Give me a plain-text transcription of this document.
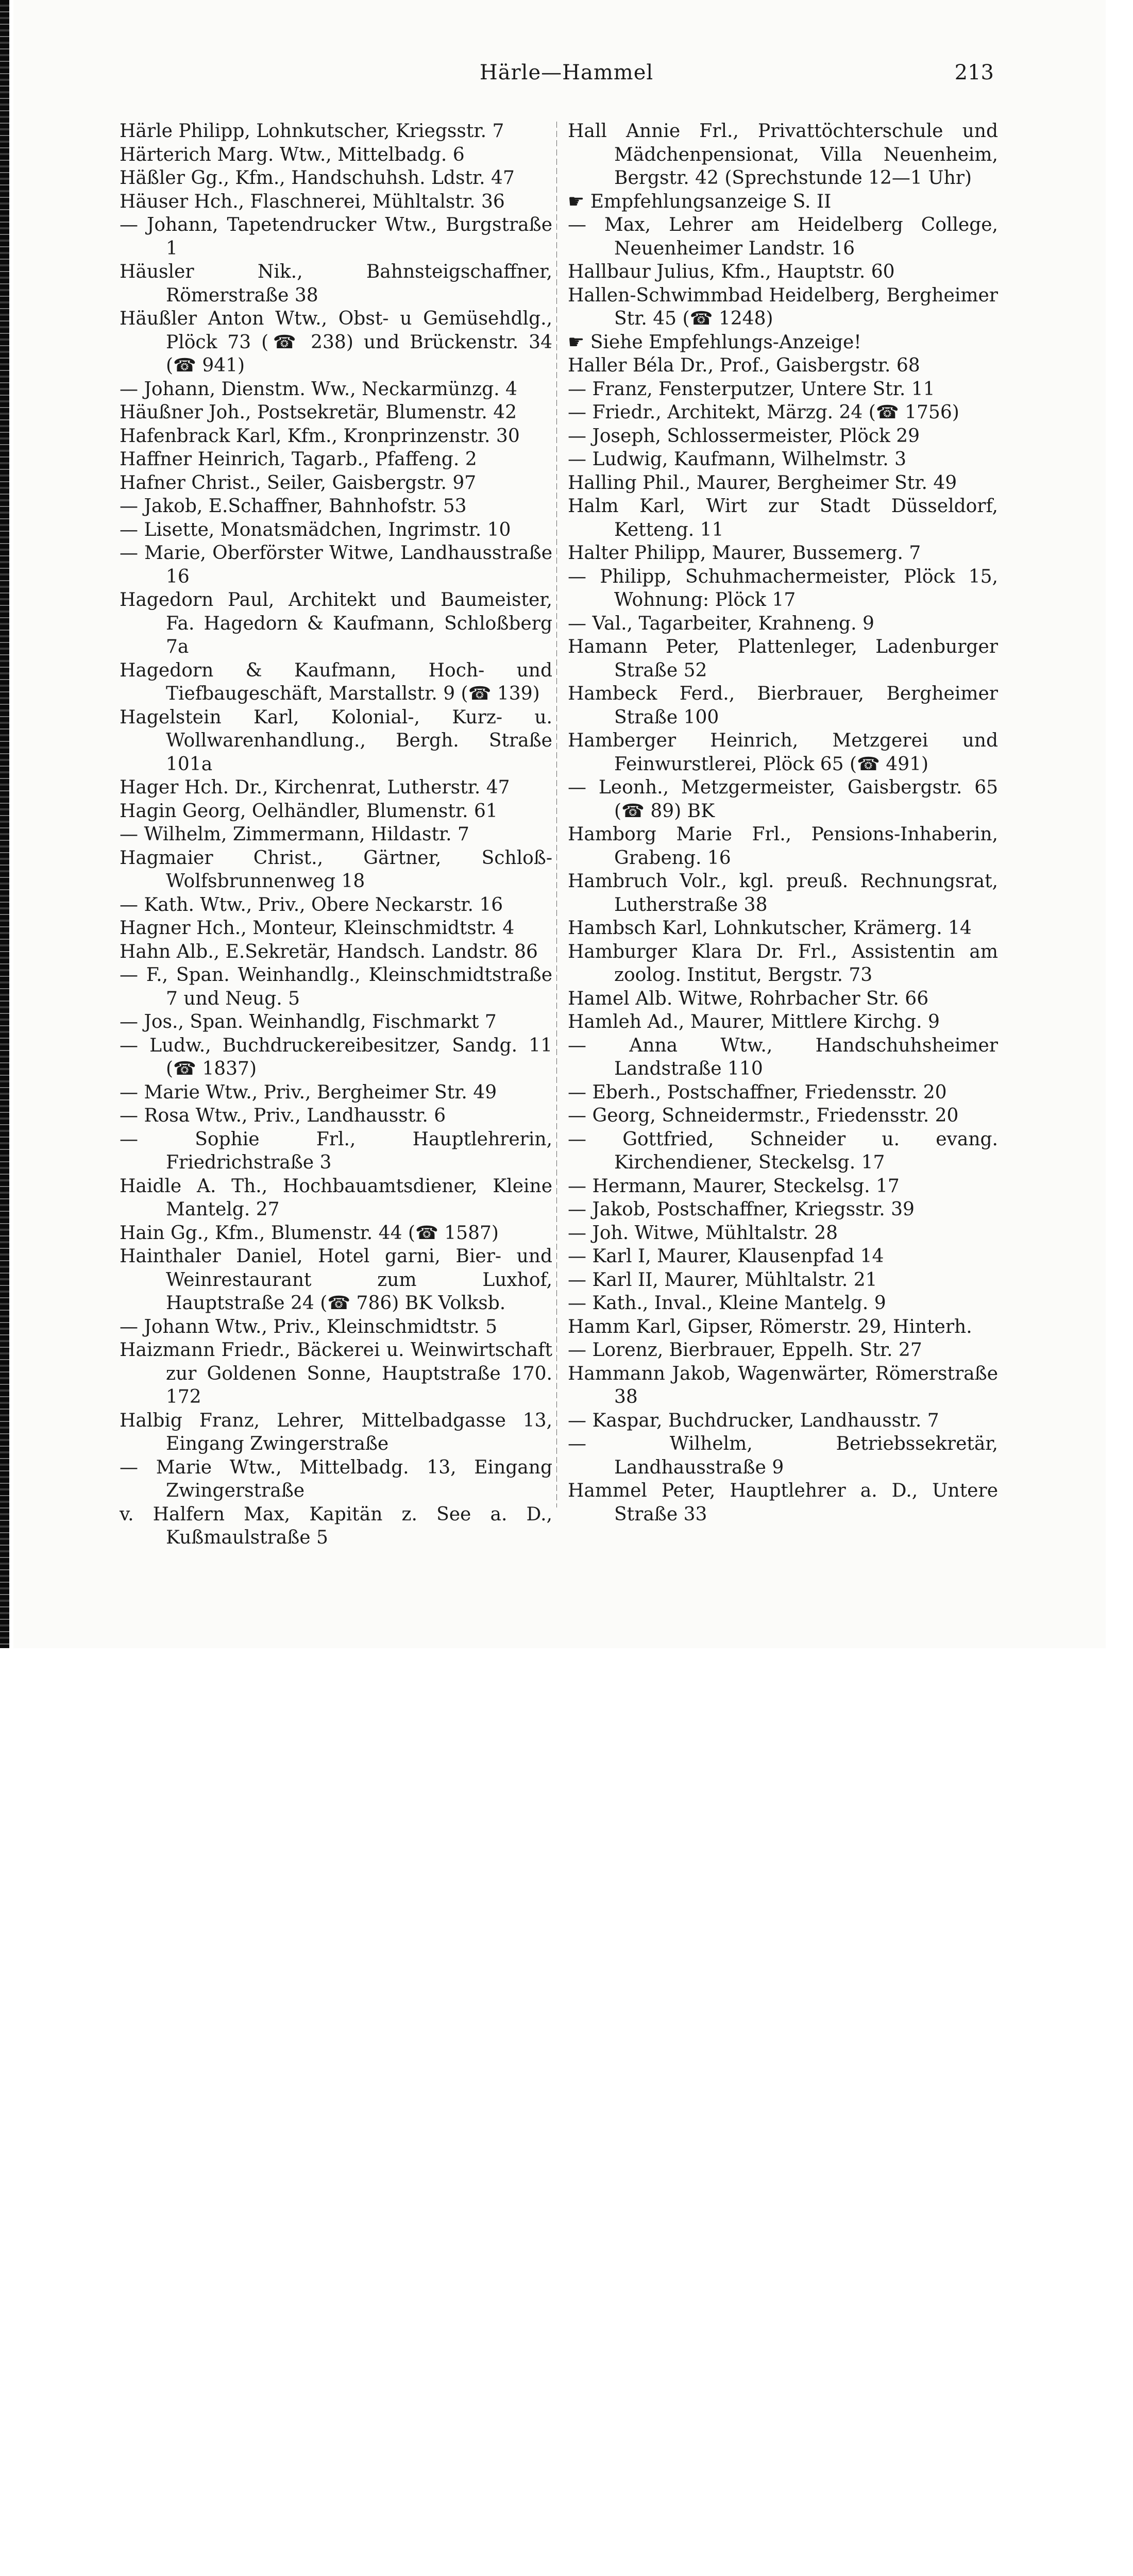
Härle—Hammel	213
Härle Philipp, Lohnkutscher, Kriegsstr. 7
Härterich Marg. Wtw., Mittelbadg. 6
Häßler Gg., Kfm., Handschuhsh. Ldstr. 47
Häuser Hch., Flaschnerei, Mühltalstr. 36
— Johann, Tapetendrucker Wtw., Burgstraße 1
Häusler Nik., Bahnsteigschaffner, Römerstraße 38
Häußler Anton Wtw., Obst- u Gemüsehdlg., Plöck 73 (☎ 238) und Brückenstr. 34 (☎ 941)
— Johann, Dienstm. Ww., Neckarmünzg. 4
Häußner Joh., Postsekretär, Blumenstr. 42
Hafenbrack Karl, Kfm., Kronprinzenstr. 30
Haffner Heinrich, Tagarb., Pfaffeng. 2
Hafner Christ., Seiler, Gaisbergstr. 97
— Jakob, E.Schaffner, Bahnhofstr. 53
— Lisette, Monatsmädchen, Ingrimstr. 10
— Marie, Oberförster Witwe, Landhausstraße 16
Hagedorn Paul, Architekt und Baumeister, Fa. Hagedorn & Kaufmann, Schloßberg 7a
Hagedorn & Kaufmann, Hoch- und Tiefbaugeschäft, Marstallstr. 9 (☎ 139)
Hagelstein Karl, Kolonial-, Kurz- u. Wollwarenhandlung., Bergh. Straße 101a
Hager Hch. Dr., Kirchenrat, Lutherstr. 47
Hagin Georg, Oelhändler, Blumenstr. 61
— Wilhelm, Zimmermann, Hildastr. 7
Hagmaier Christ., Gärtner, Schloß-Wolfsbrunnenweg 18
— Kath. Wtw., Priv., Obere Neckarstr. 16
Hagner Hch., Monteur, Kleinschmidtstr. 4
Hahn Alb., E.Sekretär, Handsch. Landstr. 86
— F., Span. Weinhandlg., Kleinschmidtstraße 7 und Neug. 5
— Jos., Span. Weinhandlg, Fischmarkt 7
— Ludw., Buchdruckereibesitzer, Sandg. 11 (☎ 1837)
— Marie Wtw., Priv., Bergheimer Str. 49
— Rosa Wtw., Priv., Landhausstr. 6
— Sophie Frl., Hauptlehrerin, Friedrichstraße 3
Haidle A. Th., Hochbauamtsdiener, Kleine Mantelg. 27
Hain Gg., Kfm., Blumenstr. 44 (☎ 1587)
Hainthaler Daniel, Hotel garni, Bier- und Weinrestaurant zum Luxhof, Hauptstraße 24 (☎ 786) BK Volksb.
— Johann Wtw., Priv., Kleinschmidtstr. 5
Haizmann Friedr., Bäckerei u. Weinwirtschaft zur Goldenen Sonne, Hauptstraße 170. 172
Halbig Franz, Lehrer, Mittelbadgasse 13, Eingang Zwingerstraße
— Marie Wtw., Mittelbadg. 13, Eingang Zwingerstraße
v. Halfern Max, Kapitän z. See a. D., Kußmaulstraße 5
Hall Annie Frl., Privattöchterschule und Mädchenpensionat, Villa Neuenheim, Bergstr. 42 (Sprechstunde 12—1 Uhr)
☛ Empfehlungsanzeige S. II
— Max, Lehrer am Heidelberg College, Neuenheimer Landstr. 16
Hallbaur Julius, Kfm., Hauptstr. 60
Hallen-Schwimmbad Heidelberg, Bergheimer Str. 45 (☎ 1248)
☛ Siehe Empfehlungs-Anzeige!
Haller Béla Dr., Prof., Gaisbergstr. 68
— Franz, Fensterputzer, Untere Str. 11
— Friedr., Architekt, Märzg. 24 (☎ 1756)
— Joseph, Schlossermeister, Plöck 29
— Ludwig, Kaufmann, Wilhelmstr. 3
Halling Phil., Maurer, Bergheimer Str. 49
Halm Karl, Wirt zur Stadt Düsseldorf, Ketteng. 11
Halter Philipp, Maurer, Bussemerg. 7
— Philipp, Schuhmachermeister, Plöck 15, Wohnung: Plöck 17
— Val., Tagarbeiter, Krahneng. 9
Hamann Peter, Plattenleger, Ladenburger Straße 52
Hambeck Ferd., Bierbrauer, Bergheimer Straße 100
Hamberger Heinrich, Metzgerei und Feinwurstlerei, Plöck 65 (☎ 491)
— Leonh., Metzgermeister, Gaisbergstr. 65 (☎ 89) BK
Hamborg Marie Frl., Pensions-Inhaberin, Grabeng. 16
Hambruch Volr., kgl. preuß. Rechnungsrat, Lutherstraße 38
Hambsch Karl, Lohnkutscher, Krämerg. 14
Hamburger Klara Dr. Frl., Assistentin am zoolog. Institut, Bergstr. 73
Hamel Alb. Witwe, Rohrbacher Str. 66
Hamleh Ad., Maurer, Mittlere Kirchg. 9
— Anna Wtw., Handschuhsheimer Landstraße 110
— Eberh., Postschaffner, Friedensstr. 20
— Georg, Schneidermstr., Friedensstr. 20
— Gottfried, Schneider u. evang. Kirchendiener, Steckelsg. 17
— Hermann, Maurer, Steckelsg. 17
— Jakob, Postschaffner, Kriegsstr. 39
— Joh. Witwe, Mühltalstr. 28
— Karl I, Maurer, Klausenpfad 14
— Karl II, Maurer, Mühltalstr. 21
— Kath., Inval., Kleine Mantelg. 9
Hamm Karl, Gipser, Römerstr. 29, Hinterh.
— Lorenz, Bierbrauer, Eppelh. Str. 27
Hammann Jakob, Wagenwärter, Römerstraße 38
— Kaspar, Buchdrucker, Landhausstr. 7
— Wilhelm, Betriebssekretär, Landhausstraße 9
Hammel Peter, Hauptlehrer a. D., Untere Straße 33
